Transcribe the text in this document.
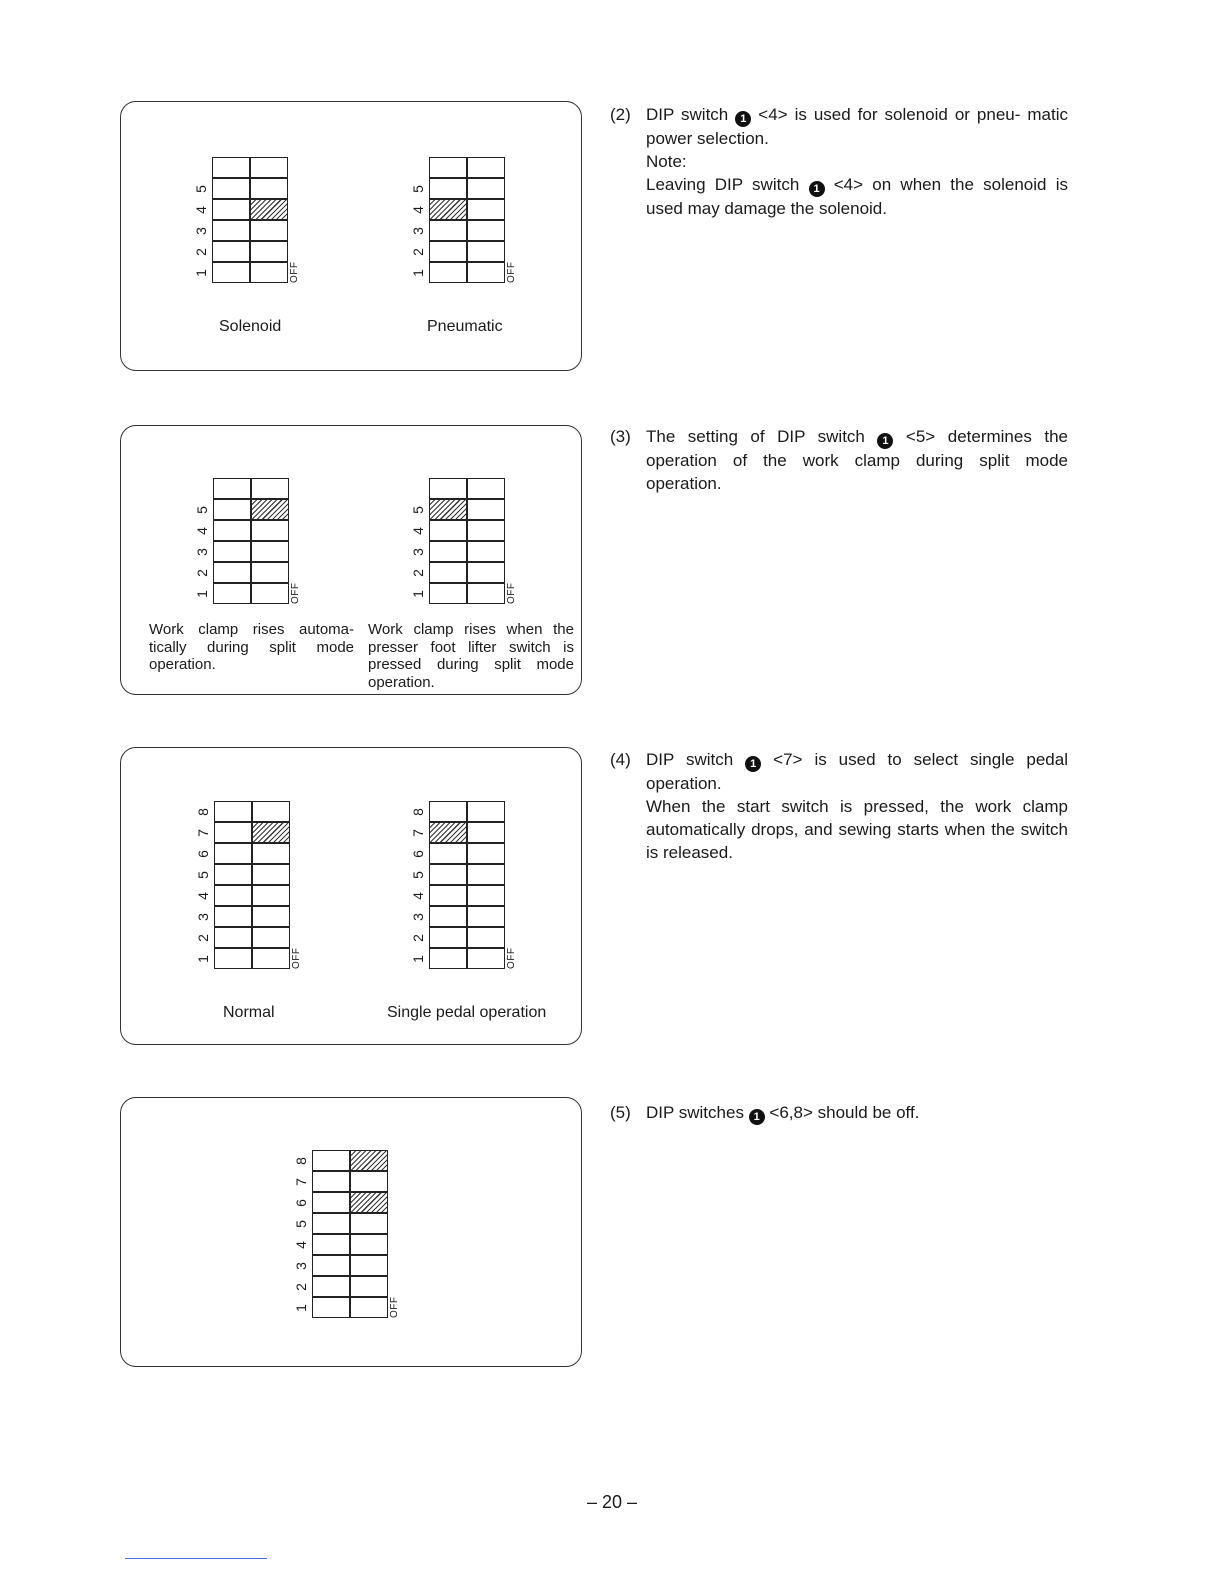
5
4
3
2
1	OFF
5
4
3
2
1	OFF
Solenoid	Pneumatic
5
4
3
2
1	OFF
5
4
3
2
1	OFF
Work clamp rises automa- tically during split mode operation.
Work clamp rises when the presser foot lifter switch is pressed during split mode operation.
8
7
6
5
4
3
2
1	OFF
8
7
6
5
4
3
2
1	OFF
Normal	Single pedal operation
8
7
6
5
4
3
2
1	OFF
(2) DIP switch 1 <4> is used for solenoid or pneu- matic power selection.
Note:
Leaving DIP switch 1 <4> on when the solenoid is used may damage the solenoid.
(3) The setting of DIP switch 1 <5> determines the operation of the work clamp during split mode operation.
(4) DIP switch 1 <7> is used to select single pedal operation.
When the start switch is pressed, the work clamp automatically drops, and sewing starts when the switch is released.
(5) DIP switches 1 <6,8> should be off.
– 20 –
